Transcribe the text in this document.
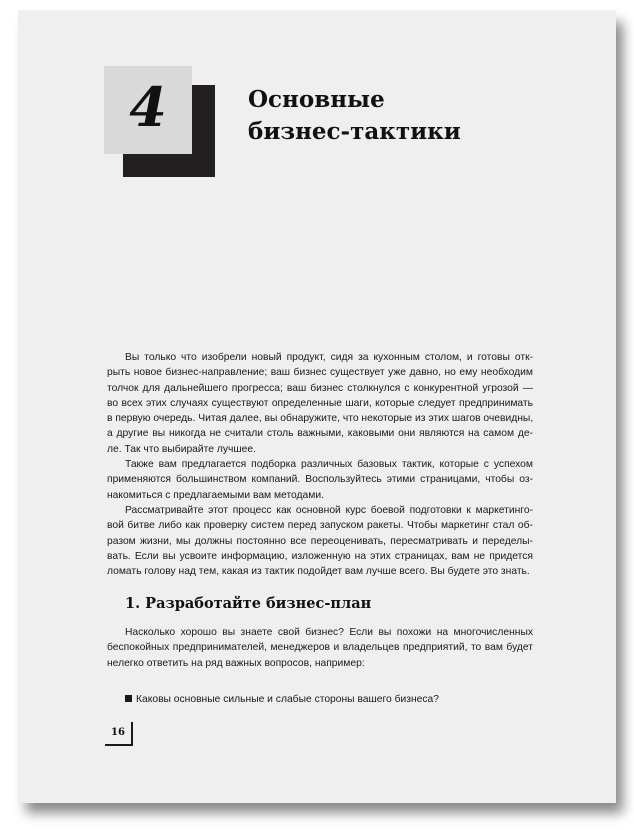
4	Основные
бизнес-тактики
Вы только что изобрели новый продукт, сидя за кухонным столом, и готовы отк-
рыть новое бизнес-направление; ваш бизнес существует уже давно, но ему необходим
толчок для дальнейшего прогресса; ваш бизнес столкнулся с конкурентной угрозой —
во всех этих случаях существуют определенные шаги, которые следует предпринимать
в первую очередь. Читая далее, вы обнаружите, что некоторые из этих шагов очевидны,
а другие вы никогда не считали столь важными, каковыми они являются на самом де-
ле. Так что выбирайте лучшее.
Также вам предлагается подборка различных базовых тактик, которые с успехом
применяются большинством компаний. Воспользуйтесь этими страницами, чтобы оз-
накомиться с предлагаемыми вам методами.
Рассматривайте этот процесс как основной курс боевой подготовки к маркетинго-
вой битве либо как проверку систем перед запуском ракеты. Чтобы маркетинг стал об-
разом жизни, мы должны постоянно все переоценивать, пересматривать и переделы-
вать. Если вы усвоите информацию, изложенную на этих страницах, вам не придется
ломать голову над тем, какая из тактик подойдет вам лучше всего. Вы будете это знать.
1. Разработайте бизнес-план
Насколько хорошо вы знаете свой бизнес? Если вы похожи на многочисленных
беспокойных предпринимателей, менеджеров и владельцев предприятий, то вам будет
нелегко ответить на ряд важных вопросов, например:
Каковы основные сильные и слабые стороны вашего бизнеса?
16
